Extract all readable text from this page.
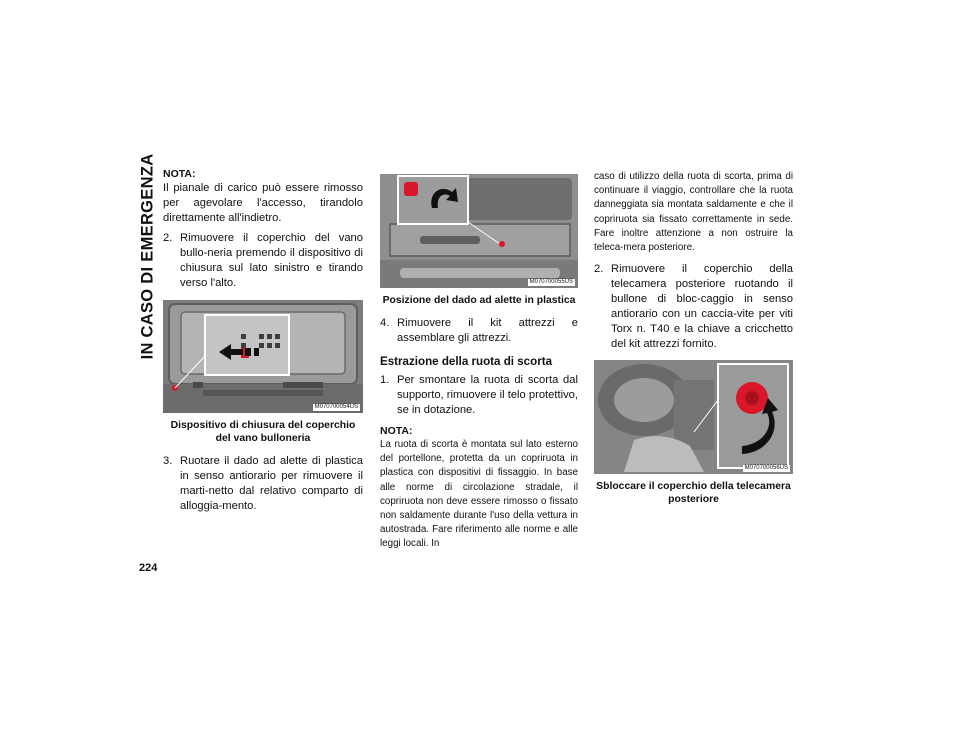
IN CASO DI EMERGENZA NOTA:

Il pianale di carico può essere rimosso per agevolare l'accesso, tirandolo direttamente all'indietro.

2. Rimuovere il coperchio del vano bullo-neria premendo il dispositivo di chiusura sul lato sinistro e tirando verso l'alto.
M070700054US
Dispositivo di chiusura del coperchio del vano bulloneria
3. Ruotare il dado ad alette di plastica in senso antiorario per rimuovere il marti-netto dal relativo comparto di alloggia-mento.
M070700055US
Posizione del dado ad alette in plastica
4. Rimuovere il kit attrezzi e assemblare gli attrezzi.
Estrazione della ruota di scorta
1. Per smontare la ruota di scorta dal supporto, rimuovere il telo protettivo, se in dotazione.
NOTA:

La ruota di scorta è montata sul lato esterno del portellone, protetta da un copriruota in plastica con dispositivi di fissaggio. In base alle norme di circolazione stradale, il copriruota non deve essere rimosso o fissato non saldamente durante l'uso della vettura in autostrada. Fare riferimento alle norme e alle leggi locali. In

caso di utilizzo della ruota di scorta, prima di continuare il viaggio, controllare che la ruota danneggiata sia montata saldamente e che il copriruota sia fissato correttamente in sede. Fare inoltre attenzione a non ostruire la teleca-mera posteriore.

2. Rimuovere il coperchio della telecamera posteriore ruotando il bullone di bloc-caggio in senso antiorario con un caccia-vite per viti Torx n. T40 e la chiave a cricchetto del kit attrezzi fornito.
M070700056US
Sbloccare il coperchio della telecamera posteriore
224
